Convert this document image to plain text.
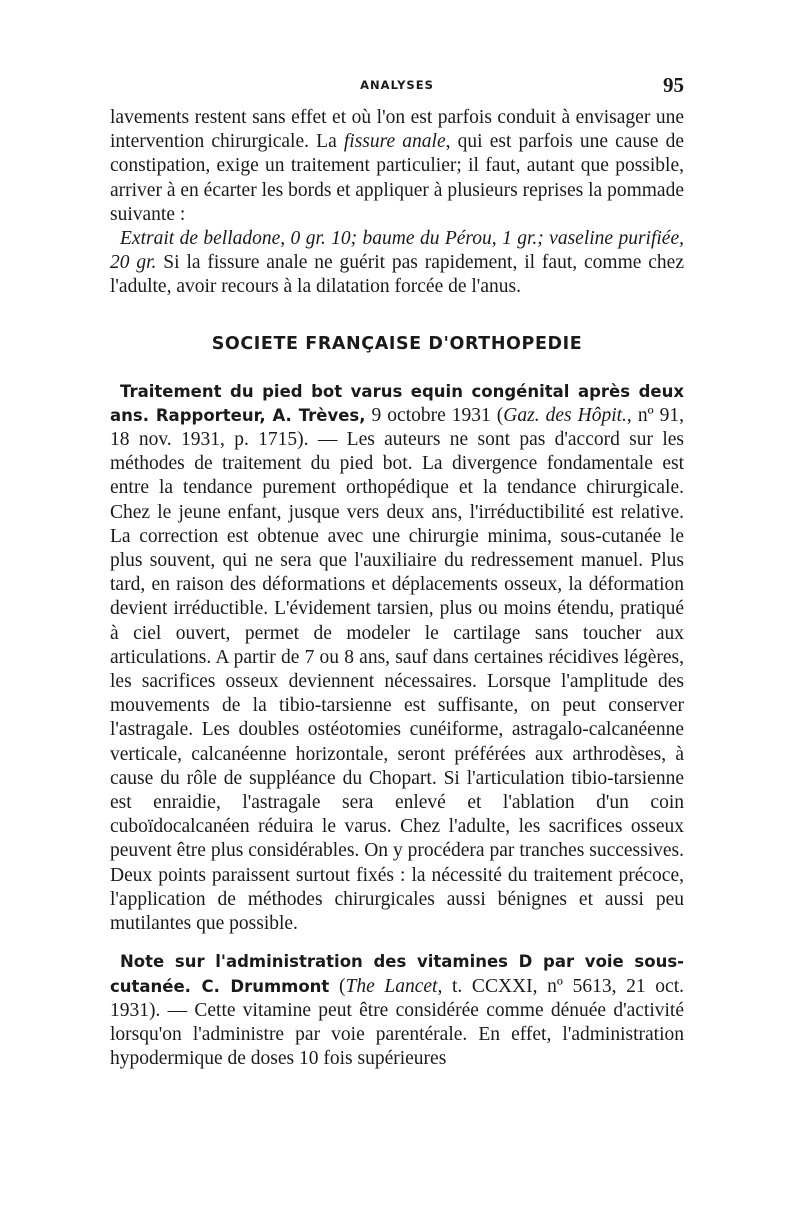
ANALYSES	95

lavements restent sans effet et où l'on est parfois conduit à envisager une intervention chirurgicale. La fissure anale, qui est parfois une cause de constipation, exige un traitement particulier; il faut, autant que possible, arriver à en écarter les bords et appliquer à plusieurs reprises la pommade suivante :

Extrait de belladone, 0 gr. 10; baume du Pérou, 1 gr.; vaseline purifiée, 20 gr. Si la fissure anale ne guérit pas rapidement, il faut, comme chez l'adulte, avoir recours à la dilatation forcée de l'anus.

SOCIETE FRANÇAISE D'ORTHOPEDIE

Traitement du pied bot varus equin congénital après deux ans. Rapporteur, A. Trèves, 9 octobre 1931 (Gaz. des Hôpit., nº 91, 18 nov. 1931, p. 1715). — Les auteurs ne sont pas d'accord sur les méthodes de traitement du pied bot. La divergence fondamentale est entre la tendance purement orthopédique et la tendance chirurgicale. Chez le jeune enfant, jusque vers deux ans, l'irréductibilité est relative. La correction est obtenue avec une chirurgie minima, sous-cutanée le plus souvent, qui ne sera que l'auxiliaire du redressement manuel. Plus tard, en raison des déformations et déplacements osseux, la déformation devient irréductible. L'évidement tarsien, plus ou moins étendu, pratiqué à ciel ouvert, permet de modeler le cartilage sans toucher aux articulations. A partir de 7 ou 8 ans, sauf dans certaines récidives légères, les sacrifices osseux deviennent nécessaires. Lorsque l'amplitude des mouvements de la tibio-tarsienne est suffisante, on peut conserver l'astragale. Les doubles ostéotomies cunéiforme, astragalo-calcanéenne verticale, calcanéenne horizontale, seront préférées aux arthrodèses, à cause du rôle de suppléance du Chopart. Si l'articulation tibio-tarsienne est enraidie, l'astragale sera enlevé et l'ablation d'un coin cuboïdocalcanéen réduira le varus. Chez l'adulte, les sacrifices osseux peuvent être plus considérables. On y procédera par tranches successives. Deux points paraissent surtout fixés : la nécessité du traitement précoce, l'application de méthodes chirurgicales aussi bénignes et aussi peu mutilantes que possible.

Note sur l'administration des vitamines D par voie sous-cutanée. C. Drummont (The Lancet, t. CCXXI, nº 5613, 21 oct. 1931). — Cette vitamine peut être considérée comme dénuée d'activité lorsqu'on l'administre par voie parentérale. En effet, l'administration hypodermique de doses 10 fois supérieures
